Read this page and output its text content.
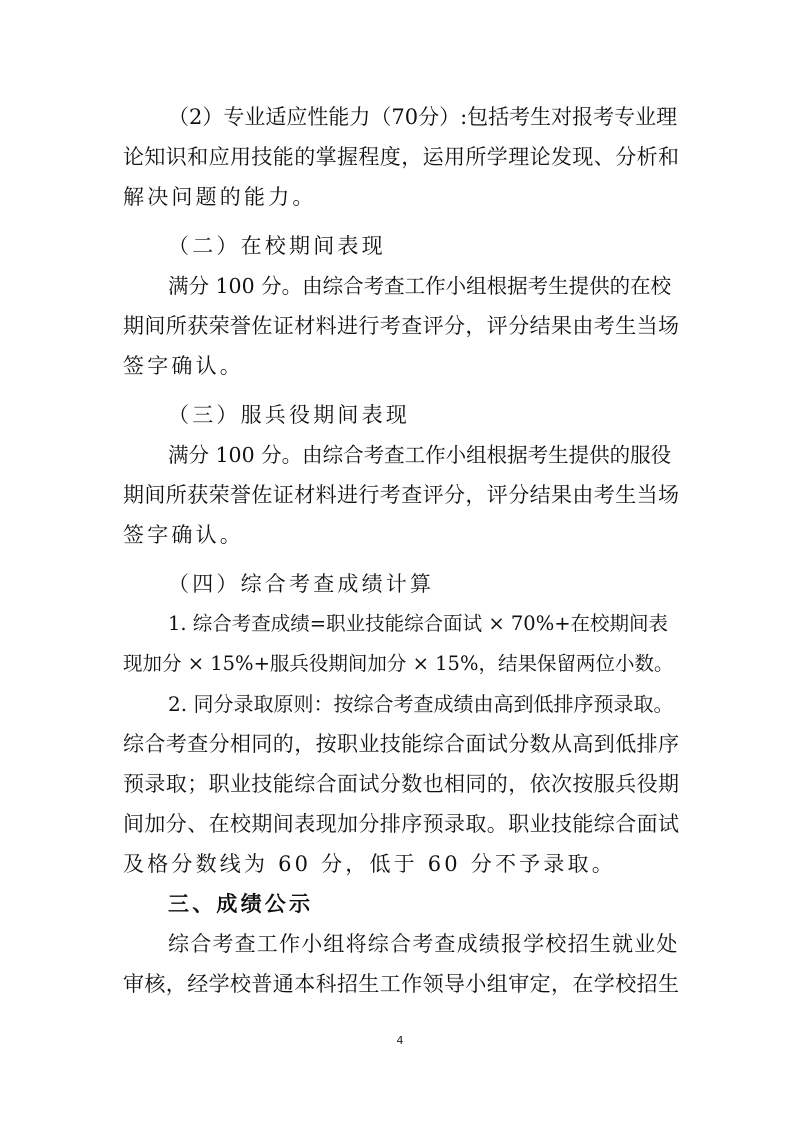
（2）专业适应性能力（70分）:包括考生对报考专业理
论知识和应用技能的掌握程度，运用所学理论发现、分析和
解决问题的能力。
（二）在校期间表现
满分 100 分。由综合考查工作小组根据考生提供的在校
期间所获荣誉佐证材料进行考查评分，评分结果由考生当场
签字确认。
（三）服兵役期间表现
满分 100 分。由综合考查工作小组根据考生提供的服役
期间所获荣誉佐证材料进行考查评分，评分结果由考生当场
签字确认。
（四）综合考查成绩计算
1. 综合考查成绩=职业技能综合面试 × 70%+在校期间表
现加分 × 15%+服兵役期间加分 × 15%，结果保留两位小数。
2. 同分录取原则：按综合考查成绩由高到低排序预录取。
综合考查分相同的，按职业技能综合面试分数从高到低排序
预录取；职业技能综合面试分数也相同的，依次按服兵役期
间加分、在校期间表现加分排序预录取。职业技能综合面试
及格分数线为 60 分，低于 60 分不予录取。
三、成绩公示
综合考查工作小组将综合考查成绩报学校招生就业处
审核，经学校普通本科招生工作领导小组审定，在学校招生
4
